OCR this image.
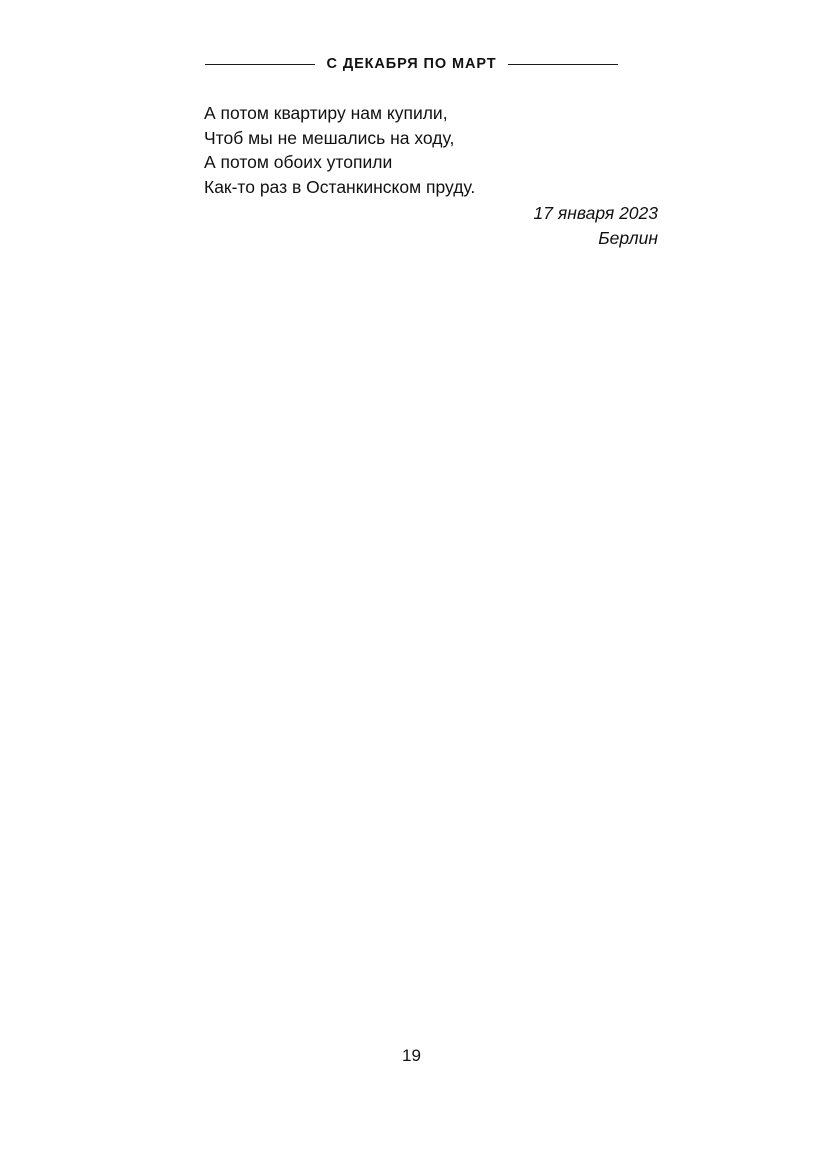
С ДЕКАБРЯ ПО МАРТ
А потом квартиру нам купили,
Чтоб мы не мешались на ходу,
А потом обоих утопили
Как-то раз в Останкинском пруду.
17 января 2023
Берлин
19
